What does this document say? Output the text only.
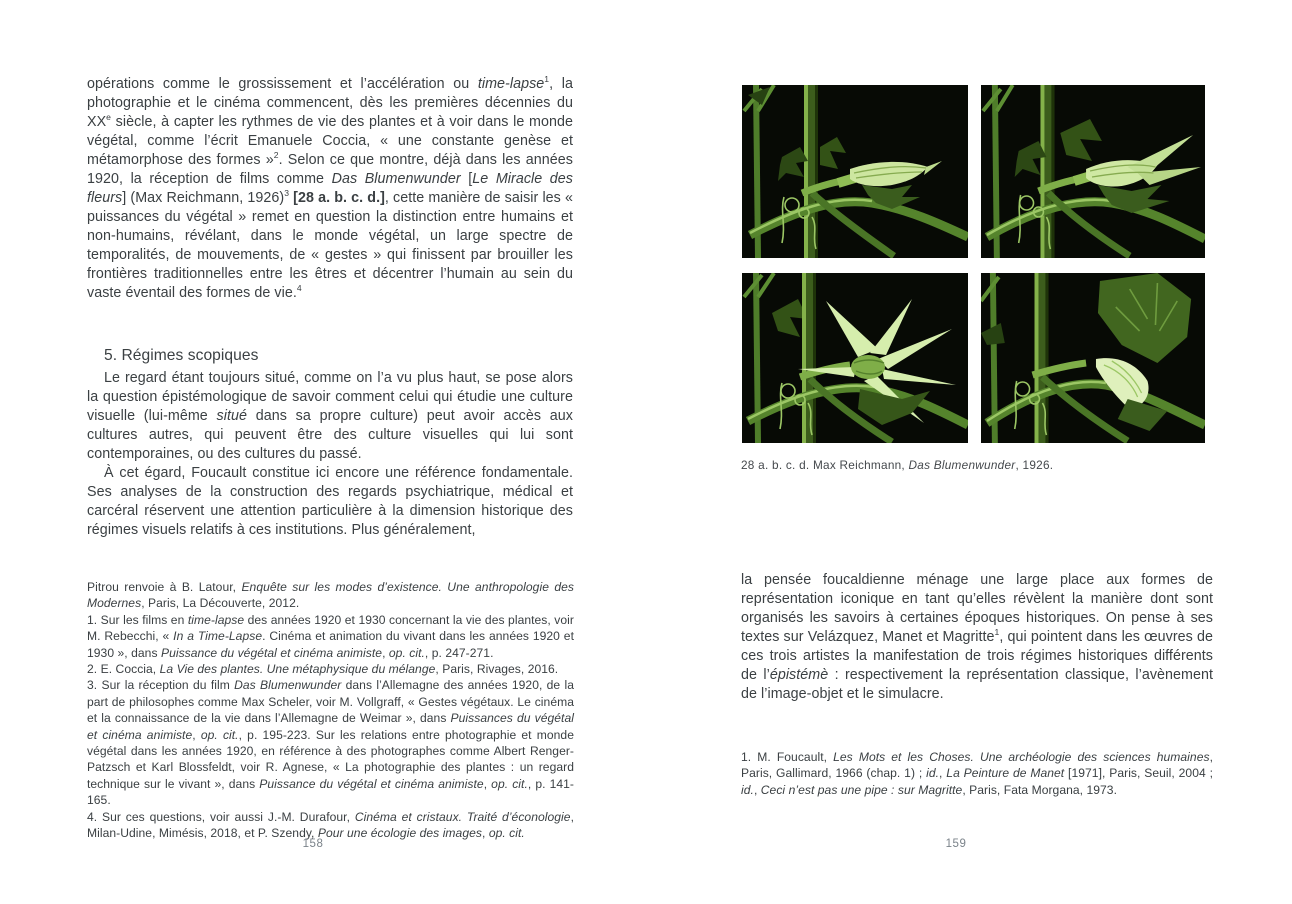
opérations comme le grossissement et l’accélération ou time-lapse$^1$, la photographie et le cinéma commencent, dès les premières décennies du XXe siècle, à capter les rythmes de vie des plantes et à voir dans le monde végétal, comme l’écrit Emanuele Coccia, « une constante genèse et métamorphose des formes »$^2$. Selon ce que montre, déjà dans les années 1920, la réception de films comme Das Blumenwunder [Le Miracle des fleurs] (Max Reichmann, 1926)$^3$ [28 a. b. c. d.], cette manière de saisir les « puissances du végétal » remet en question la distinction entre humains et non-humains, révélant, dans le monde végétal, un large spectre de temporalités, de mouvements, de « gestes » qui finissent par brouiller les frontières traditionnelles entre les êtres et décentrer l’humain au sein du vaste éventail des formes de vie.$^4$

5. Régimes scopiques

Le regard étant toujours situé, comme on l’a vu plus haut, se pose alors la question épistémologique de savoir comment celui qui étudie une culture visuelle (lui-même situé dans sa propre culture) peut avoir accès aux cultures autres, qui peuvent être des culture visuelles qui lui sont contemporaines, ou des cultures du passé.

À cet égard, Foucault constitue ici encore une référence fondamentale. Ses analyses de la construction des regards psychiatrique, médical et carcéral réservent une attention particulière à la dimension historique des régimes visuels relatifs à ces institutions. Plus généralement,

Pitrou renvoie à B. Latour, Enquête sur les modes d’existence. Une anthropologie des Modernes, Paris, La Découverte, 2012.

1. Sur les films en time-lapse des années 1920 et 1930 concernant la vie des plantes, voir M. Rebecchi, « In a Time-Lapse. Cinéma et animation du vivant dans les années 1920 et 1930 », dans Puissance du végétal et cinéma animiste, op. cit., p. 247-271.

2. E. Coccia, La Vie des plantes. Une métaphysique du mélange, Paris, Rivages, 2016.

3. Sur la réception du film Das Blumenwunder dans l’Allemagne des années 1920, de la part de philosophes comme Max Scheler, voir M. Vollgraff, « Gestes végétaux. Le cinéma et la connaissance de la vie dans l’Allemagne de Weimar », dans Puissances du végétal et cinéma animiste, op. cit., p. 195-223. Sur les relations entre photographie et monde végétal dans les années 1920, en référence à des photographes comme Albert Renger-Patzsch et Karl Blossfeldt, voir R. Agnese, « La photographie des plantes : un regard technique sur le vivant », dans Puissance du végétal et cinéma animiste, op. cit., p. 141-165.

4. Sur ces questions, voir aussi J.-M. Durafour, Cinéma et cristaux. Traité d’éconologie, Milan-Udine, Mimésis, 2018, et P. Szendy, Pour une écologie des images, op. cit.

158
28 a. b. c. d. Max Reichmann, Das Blumenwunder, 1926.

la pensée foucaldienne ménage une large place aux formes de représentation iconique en tant qu’elles révèlent la manière dont sont organisés les savoirs à certaines époques historiques. On pense à ses textes sur Velázquez, Manet et Magritte$^1$, qui pointent dans les œuvres de ces trois artistes la manifestation de trois régimes historiques différents de l’épistémè : respectivement la représentation classique, l’avènement de l’image-objet et le simulacre.

1. M. Foucault, Les Mots et les Choses. Une archéologie des sciences humaines, Paris, Gallimard, 1966 (chap. 1) ; id., La Peinture de Manet [1971], Paris, Seuil, 2004 ; id., Ceci n’est pas une pipe : sur Magritte, Paris, Fata Morgana, 1973.

159
